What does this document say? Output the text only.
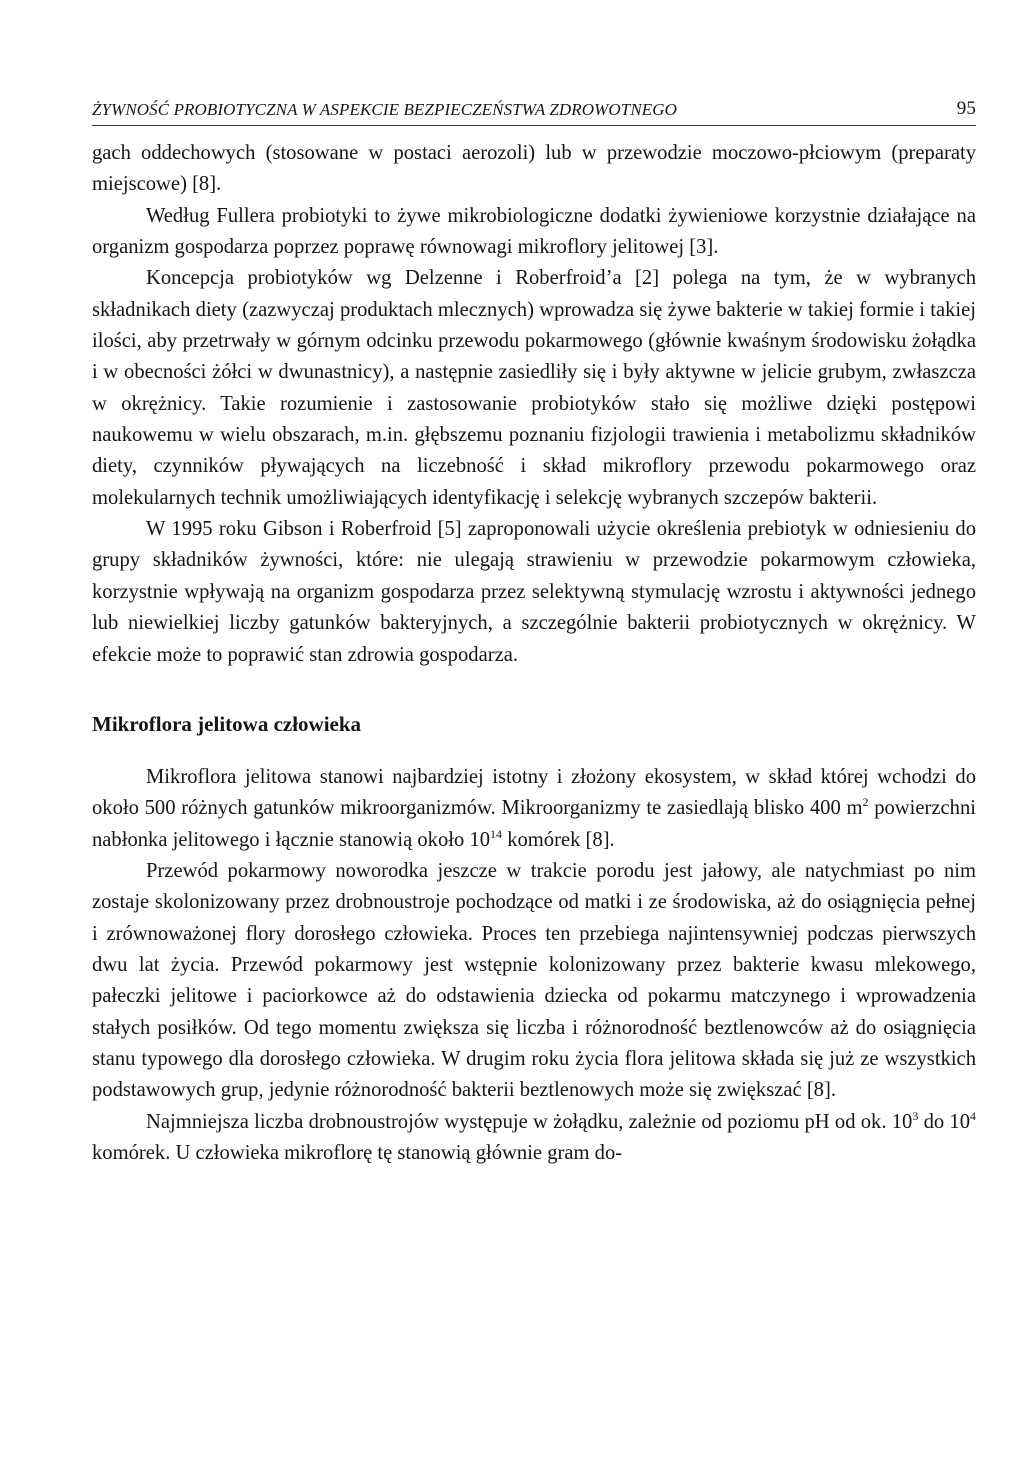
ŻYWNOŚĆ PROBIOTYCZNA W ASPEKCIE BEZPIECZEŃSTWA ZDROWOTNEGO	95

gach oddechowych (stosowane w postaci aerozoli) lub w przewodzie moczowo-płciowym (preparaty miejscowe) [8].

Według Fullera probiotyki to żywe mikrobiologiczne dodatki żywieniowe korzystnie działające na organizm gospodarza poprzez poprawę równowagi mikroflory jelitowej [3].

Koncepcja probiotyków wg Delzenne i Roberfroid’a [2] polega na tym, że w wybranych składnikach diety (zazwyczaj produktach mlecznych) wprowadza się żywe bakterie w takiej formie i takiej ilości, aby przetrwały w górnym odcinku przewodu pokarmowego (głównie kwaśnym środowisku żołądka i w obecności żółci w dwunastnicy), a następnie zasiedliły się i były aktywne w jelicie grubym, zwłaszcza w okrężnicy. Takie rozumienie i zastosowanie probiotyków stało się możliwe dzięki postępowi naukowemu w wielu obszarach, m.in. głębszemu poznaniu fizjologii trawienia i metabolizmu składników diety, czynników pływających na liczebność i skład mikroflory przewodu pokarmowego oraz molekularnych technik umożliwiających identyfikację i selekcję wybranych szczepów bakterii.

W 1995 roku Gibson i Roberfroid [5] zaproponowali użycie określenia prebiotyk w odniesieniu do grupy składników żywności, które: nie ulegają strawieniu w przewodzie pokarmowym człowieka, korzystnie wpływają na organizm gospodarza przez selektywną stymulację wzrostu i aktywności jednego lub niewielkiej liczby gatunków bakteryjnych, a szczególnie bakterii probiotycznych w okrężnicy. W efekcie może to poprawić stan zdrowia gospodarza.

Mikroflora jelitowa człowieka

Mikroflora jelitowa stanowi najbardziej istotny i złożony ekosystem, w skład której wchodzi do około 500 różnych gatunków mikroorganizmów. Mikroorganizmy te zasiedlają blisko 400 $m^2$ powierzchni nabłonka jelitowego i łącznie stanowią około $10^{14}$ komórek [8].

Przewód pokarmowy noworodka jeszcze w trakcie porodu jest jałowy, ale natychmiast po nim zostaje skolonizowany przez drobnoustroje pochodzące od matki i ze środowiska, aż do osiągnięcia pełnej i zrównoważonej flory dorosłego człowieka. Proces ten przebiega najintensywniej podczas pierwszych dwu lat życia. Przewód pokarmowy jest wstępnie kolonizowany przez bakterie kwasu mlekowego, pałeczki jelitowe i paciorkowce aż do odstawienia dziecka od pokarmu matczynego i wprowadzenia stałych posiłków. Od tego momentu zwiększa się liczba i różnorodność beztlenowców aż do osiągnięcia stanu typowego dla dorosłego człowieka. W drugim roku życia flora jelitowa składa się już ze wszystkich podstawowych grup, jedynie różnorodność bakterii beztlenowych może się zwiększać [8].

Najmniejsza liczba drobnoustrojów występuje w żołądku, zależnie od poziomu pH od ok. $10^3$ do $10^4$ komórek. U człowieka mikroflorę tę stanowią głównie gram do-
